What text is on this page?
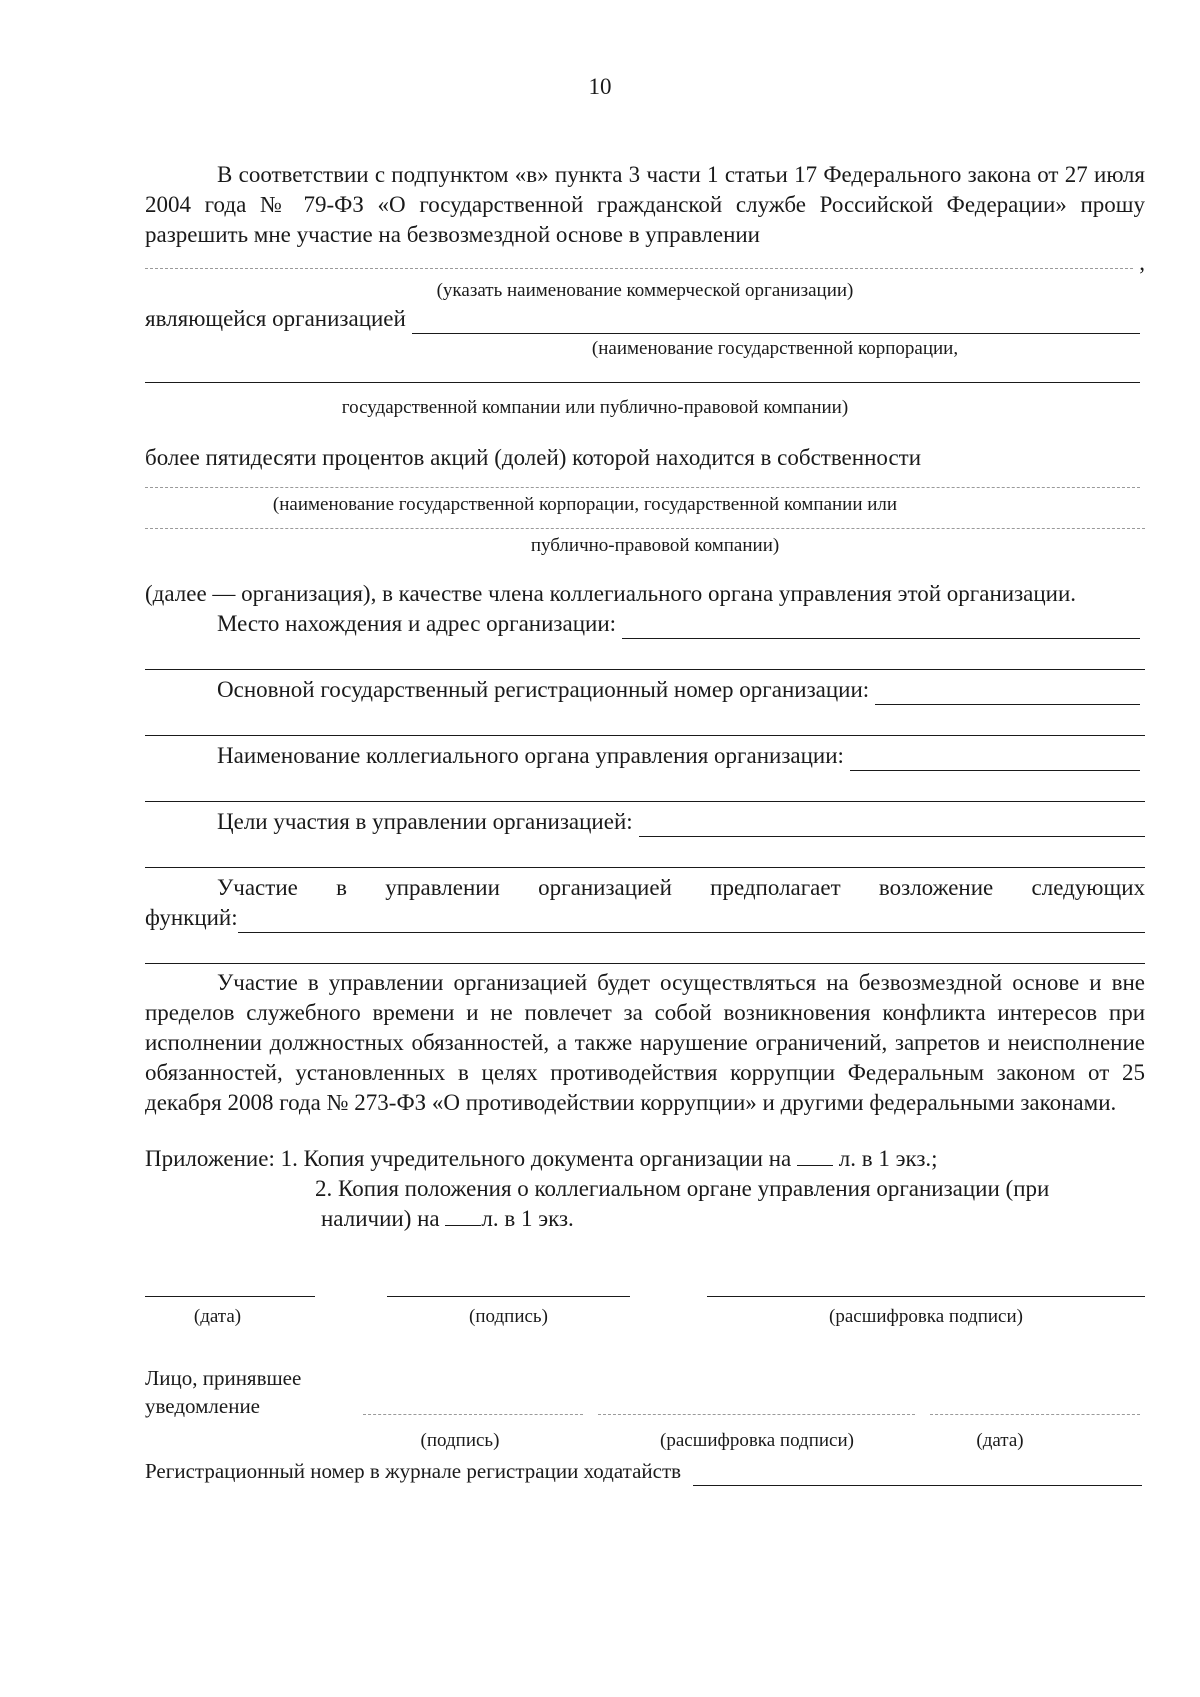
10

В соответствии с подпунктом «в» пункта 3 части 1 статьи 17 Федерального закона от 27 июля 2004 года № 79-ФЗ «О государственной гражданской службе Российской Федерации» прошу разрешить мне участие на безвозмездной основе в управлении

,
(указать наименование коммерческой организации)
являющейся организацией
(наименование государственной корпорации,
государственной компании или публично-правовой компании)

более пятидесяти процентов акций (долей) которой находится в собственности

(наименование государственной корпорации, государственной компании или
публично-правовой компании)

(далее — организация), в качестве члена коллегиального органа управления этой организации.

Место нахождения и адрес организации:
Основной государственный регистрационный номер организации:
Наименование коллегиального органа управления организации:
Цели участия в управлении организацией:

Участие в управлении организацией предполагает возложение следующих

функций:

Участие в управлении организацией будет осуществляться на безвозмездной основе и вне пределов служебного времени и не повлечет за собой возникновения конфликта интересов при исполнении должностных обязанностей, а также нарушение ограничений, запретов и неисполнение обязанностей, установленных в целях противодействия коррупции Федеральным законом от 25 декабря 2008 года № 273-ФЗ «О противодействии коррупции» и другими федеральными законами.

Приложение: 1. Копия учредительного документа организации на л. в 1 экз.;
2. Копия положения о коллегиальном органе управления организации (при
наличии) на л. в 1 экз.
(дата)	(подпись)	(расшифровка подписи)
Лицо, принявшее
уведомление
(подпись)	(расшифровка подписи)	(дата)
Регистрационный номер в журнале регистрации ходатайств
